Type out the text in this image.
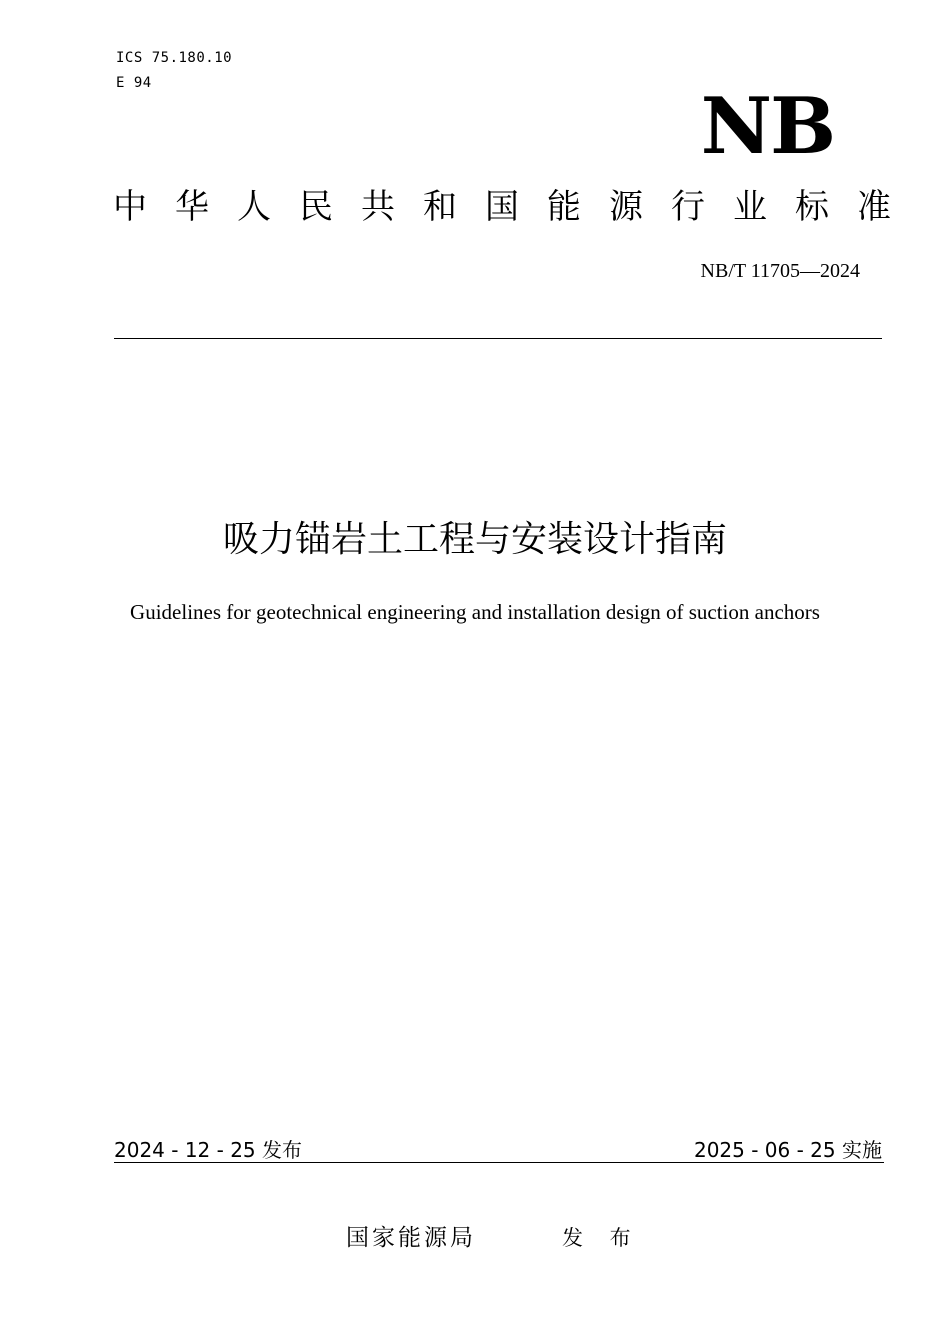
ICS 75.180.10
E 94	NB
中 华 人 民 共 和 国 能 源 行 业 标 准
NB/T 11705—2024
吸力锚岩土工程与安装设计指南
Guidelines for geotechnical engineering and installation design of suction anchors
2024 - 12 - 25 发布	2025 - 06 - 25 实施
国家能源局	发 布
